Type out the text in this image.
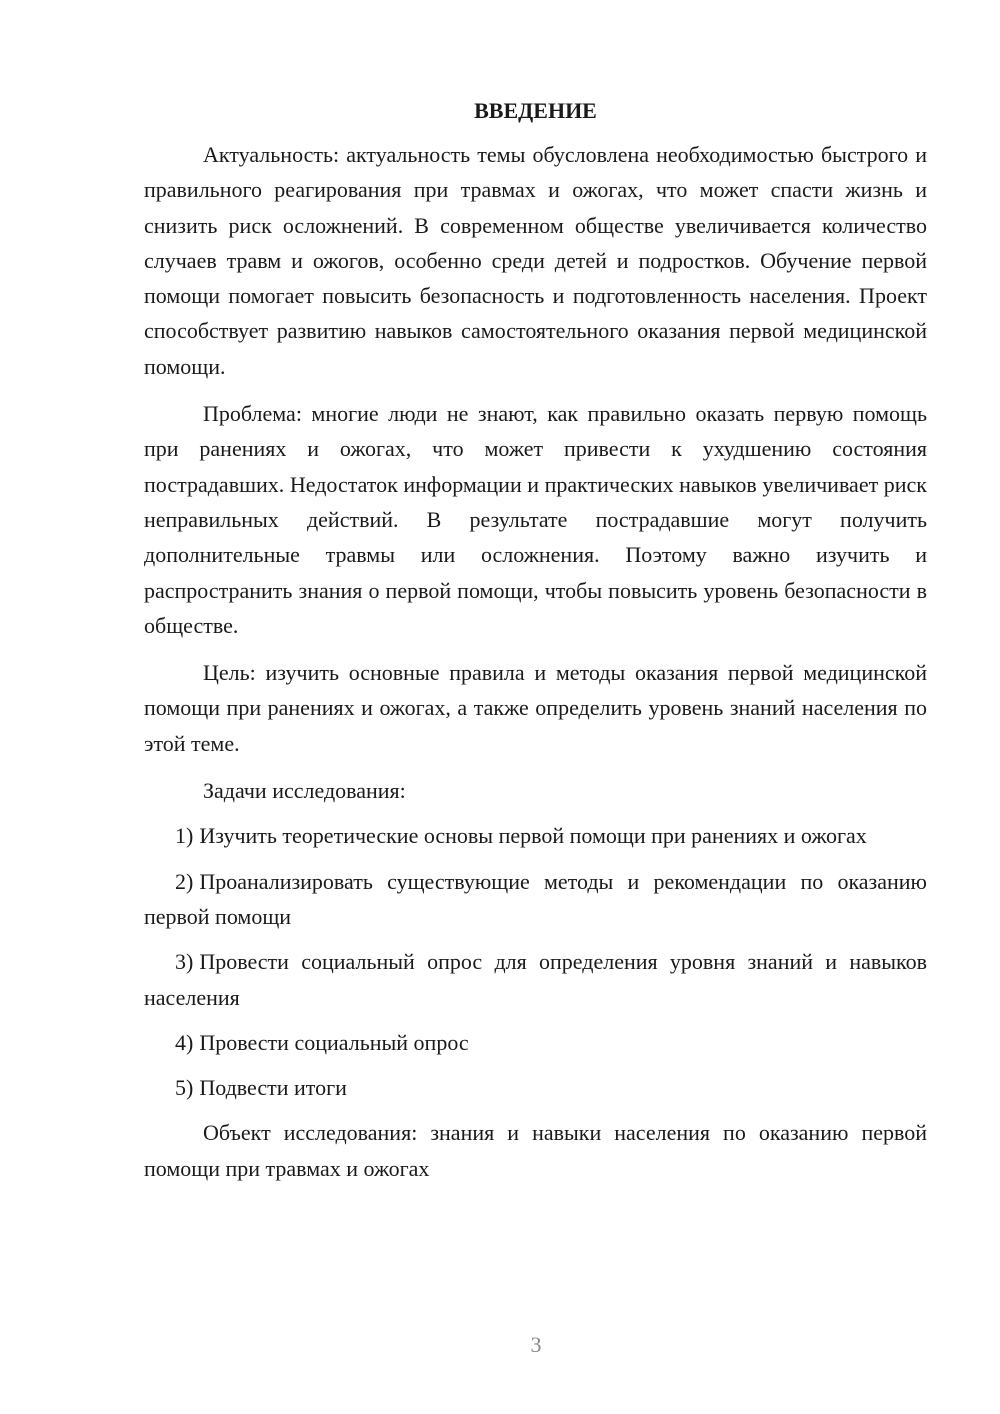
ВВЕДЕНИЕ

Актуальность: актуальность темы обусловлена необходимостью быстрого и правильного реагирования при травмах и ожогах, что может спасти жизнь и снизить риск осложнений. В современном обществе увеличивается количество случаев травм и ожогов, особенно среди детей и подростков. Обучение первой помощи помогает повысить безопасность и подготовленность населения. Проект способствует развитию навыков самостоятельного оказания первой медицинской помощи.

Проблема: многие люди не знают, как правильно оказать первую помощь при ранениях и ожогах, что может привести к ухудшению состояния пострадавших. Недостаток информации и практических навыков увеличивает риск неправильных действий. В результате пострадавшие могут получить дополнительные травмы или осложнения. Поэтому важно изучить и распространить знания о первой помощи, чтобы повысить уровень безопасности в обществе.

Цель: изучить основные правила и методы оказания первой медицинской помощи при ранениях и ожогах, а также определить уровень знаний населения по этой теме.

Задачи исследования:

1) Изучить теоретические основы первой помощи при ранениях и ожогах

2) Проанализировать существующие методы и рекомендации по оказанию первой помощи

3) Провести социальный опрос для определения уровня знаний и навыков населения

4) Провести социальный опрос

5) Подвести итоги

Объект исследования: знания и навыки населения по оказанию первой помощи при травмах и ожогах

3
